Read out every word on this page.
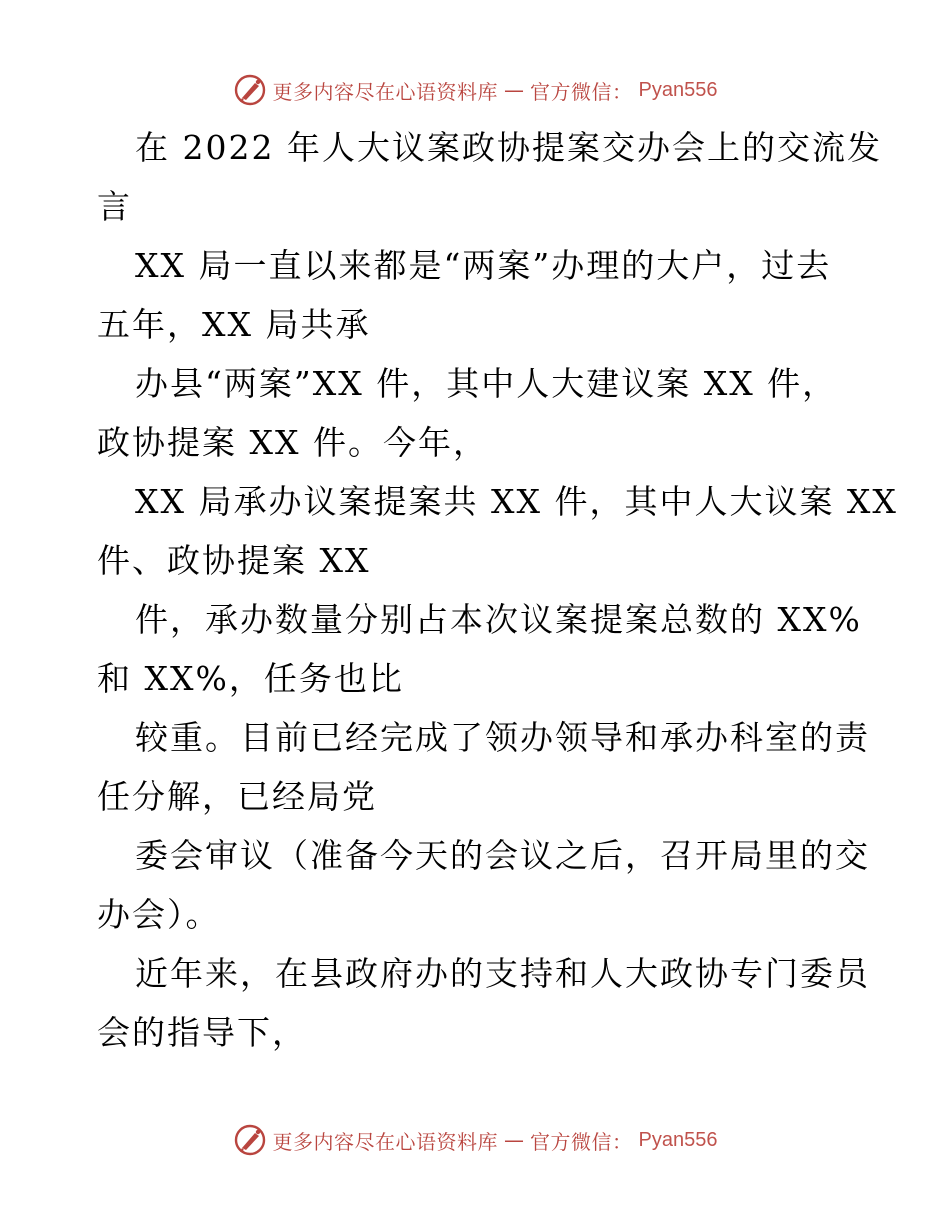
更多内容尽在心语资料库 — 官方微信： Pyan556
在 2022 年人大议案政协提案交办会上的交流发
言
XX 局一直以来都是“两案”办理的大户，过去
五年，XX 局共承
办县“两案”XX 件，其中人大建议案 XX 件，
政协提案 XX 件。今年，
XX 局承办议案提案共 XX 件，其中人大议案 XX
件、政协提案 XX
件，承办数量分别占本次议案提案总数的 XX%
和 XX%，任务也比
较重。目前已经完成了领办领导和承办科室的责
任分解，已经局党
委会审议（准备今天的会议之后，召开局里的交
办会）。
近年来，在县政府办的支持和人大政协专门委员
会的指导下，
更多内容尽在心语资料库 — 官方微信： Pyan556
